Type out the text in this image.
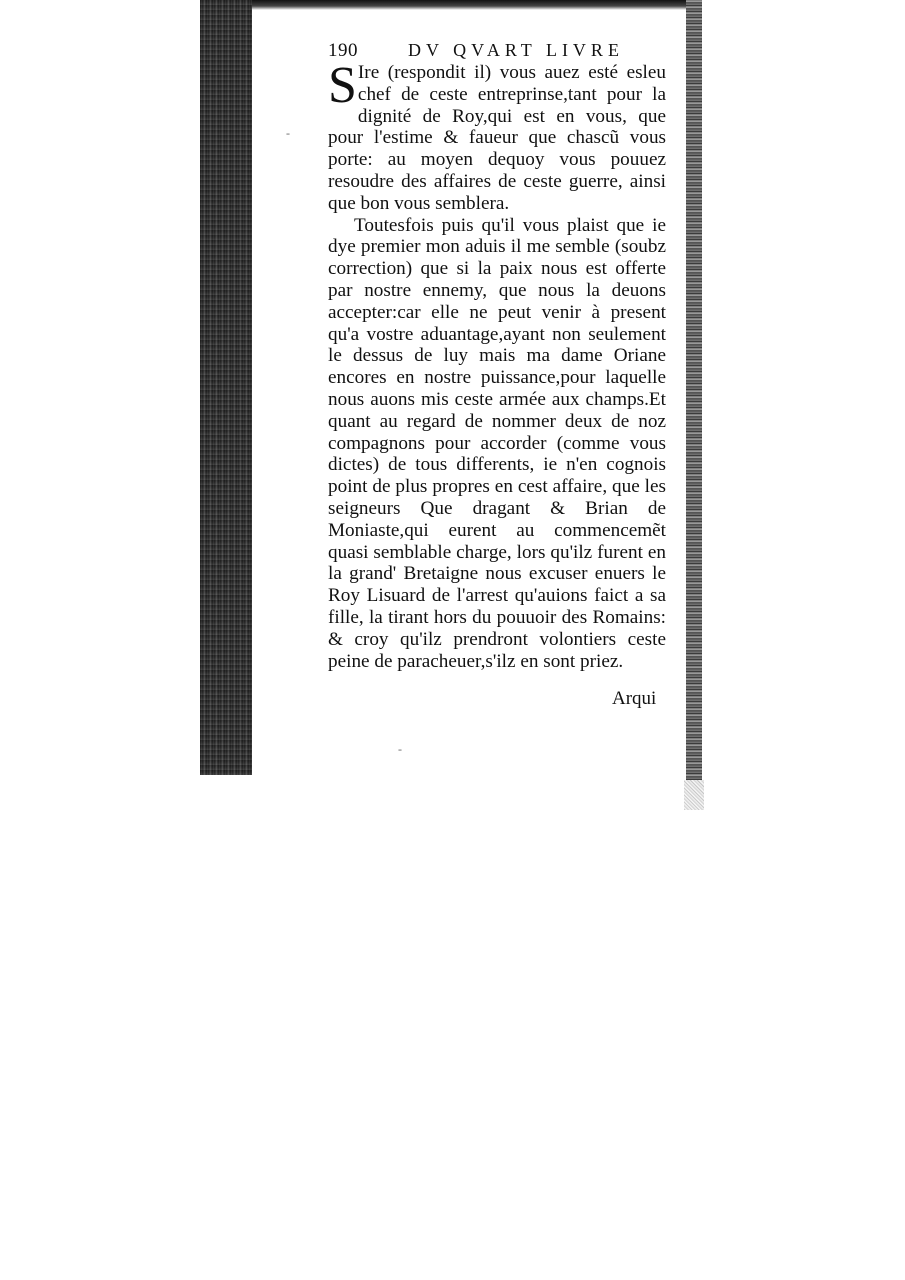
190	DV QVART LIVRE

S Ire (respondit il) vous auez esté esleu chef de ceste entreprinse,tant pour la dignité de Roy,qui est en vous, que pour l'estime & faueur que chascũ vous porte: au moyen dequoy vous pouuez resoudre des affaires de ceste guerre, ainsi que bon vous semblera.

Toutesfois puis qu'il vous plaist que ie dye premier mon aduis il me semble (soubz correction) que si la paix nous est offerte par nostre ennemy, que nous la deuons accepter:car elle ne peut venir à present qu'a vostre aduantage,ayant non seulement le dessus de luy mais ma dame Oriane encores en nostre puissance,pour laquelle nous auons mis ceste armée aux champs.Et quant au regard de nommer deux de noz compagnons pour accorder (comme vous dictes) de tous differents, ie n'en cognois point de plus propres en cest affaire, que les seigneurs Que dragant & Brian de Moniaste,qui eurent au commencemẽt quasi semblable charge, lors qu'ilz furent en la grand' Bretaigne nous excuser enuers le Roy Lisuard de l'arrest qu'auions faict a sa fille, la tirant hors du pouuoir des Romains: & croy qu'ilz prendront volontiers ceste peine de paracheuer,s'ilz en sont priez.

Arqui
-
-
